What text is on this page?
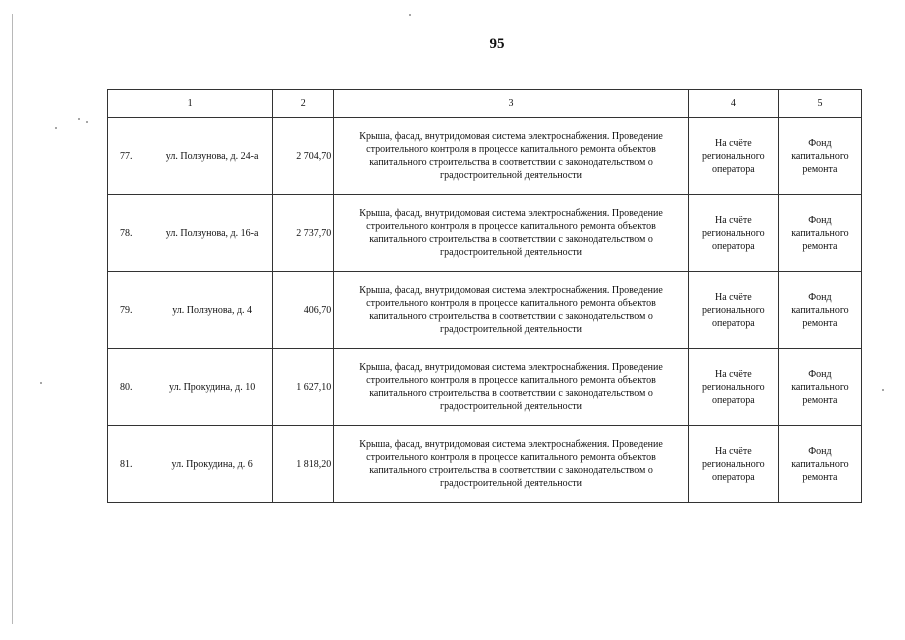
95
1	2	3	4	5

77. ул. Ползунова, д. 24-а	2 704,70	Крыша, фасад, внутридомовая система электроснабжения. Проведение строительного контроля в процессе капитального ремонта объектов капитального строительства в соответствии с законодательством о градостроительной деятельности	На счёте регионального оператора	Фонд капитального ремонта

78. ул. Ползунова, д. 16-а	2 737,70	Крыша, фасад, внутридомовая система электроснабжения. Проведение строительного контроля в процессе капитального ремонта объектов капитального строительства в соответствии с законодательством о градостроительной деятельности	На счёте регионального оператора	Фонд капитального ремонта

79. ул. Ползунова, д. 4	406,70	Крыша, фасад, внутридомовая система электроснабжения. Проведение строительного контроля в процессе капитального ремонта объектов капитального строительства в соответствии с законодательством о градостроительной деятельности	На счёте регионального оператора	Фонд капитального ремонта

80. ул. Прокудина, д. 10	1 627,10	Крыша, фасад, внутридомовая система электроснабжения. Проведение строительного контроля в процессе капитального ремонта объектов капитального строительства в соответствии с законодательством о градостроительной деятельности	На счёте регионального оператора	Фонд капитального ремонта

81. ул. Прокудина, д. 6	1 818,20	Крыша, фасад, внутридомовая система электроснабжения. Проведение строительного контроля в процессе капитального ремонта объектов капитального строительства в соответствии с законодательством о градостроительной деятельности	На счёте регионального оператора	Фонд капитального ремонта
